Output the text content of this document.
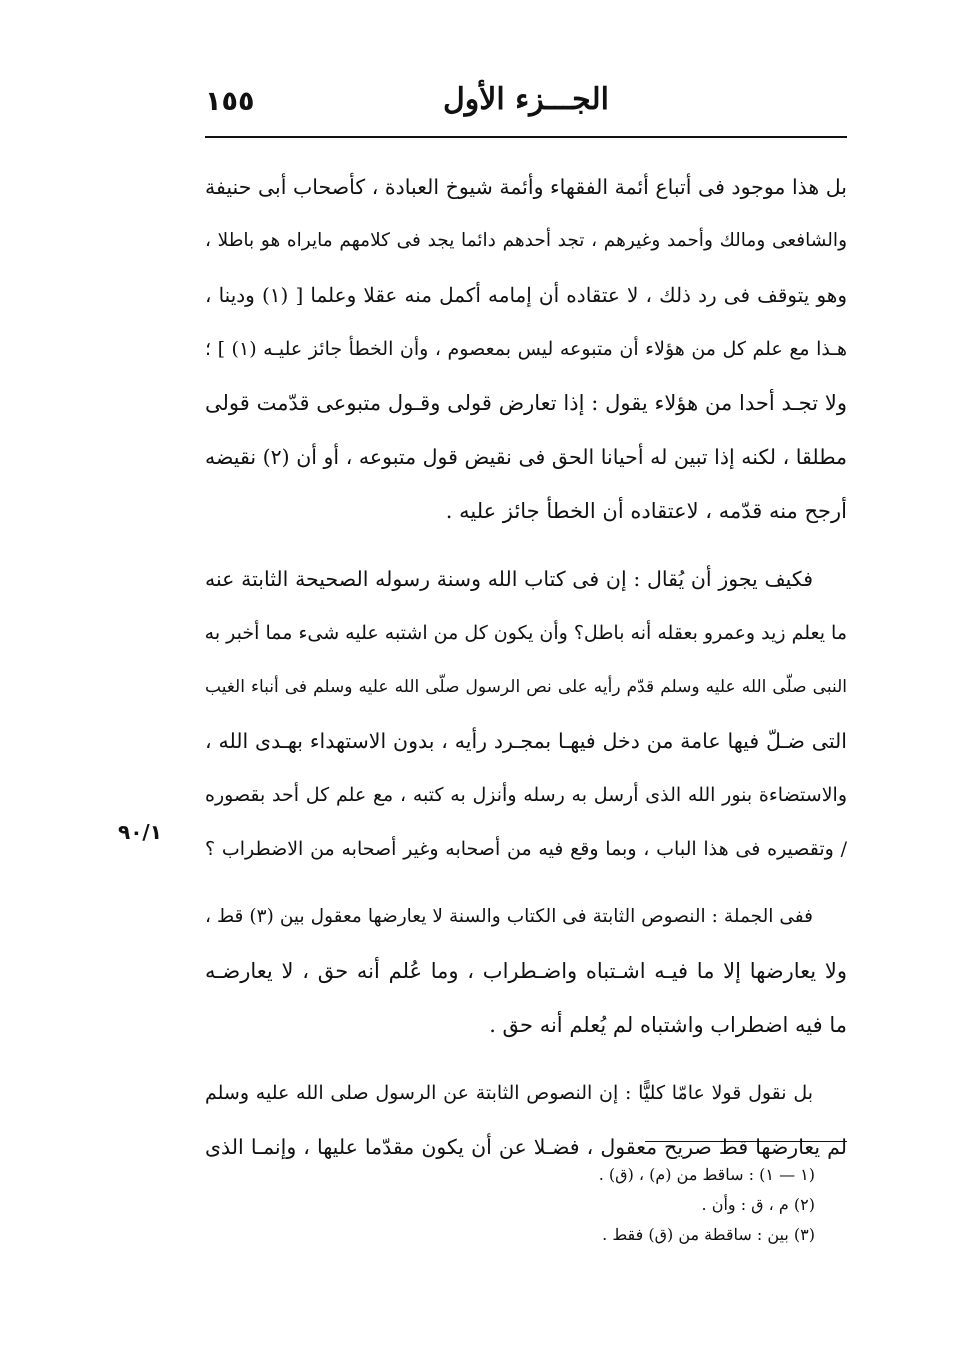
١٥٥	الجـــزء الأول
٩٠/١
بل هذا موجود فى أتباع أئمة الفقهاء وأئمة شيوخ العبادة ، كأصحاب أبى حنيفة
والشافعى ومالك وأحمد وغيرهم ، تجد أحدهم دائما يجد فى كلامهم مايراه هو باطلا ،
وهو يتوقف فى رد ذلك ، لا عتقاده أن إمامه أكمل منه عقلا وعلما [ (١) ودينا ،
هـذا مع علم كل من هؤلاء أن متبوعه ليس بمعصوم ، وأن الخطأ جائز عليـه (١) ] ؛
ولا تجـد أحدا من هؤلاء يقول : إذا تعارض قولى وقـول متبوعى قدّمت قولى
مطلقا ، لكنه إذا تبين له أحيانا الحق فى نقيض قول متبوعه ، أو أن (٢) نقيضه
أرجح منه قدّمه ، لاعتقاده أن الخطأ جائز عليه .
فكيف يجوز أن يُقال : إن فى كتاب الله وسنة رسوله الصحيحة الثابتة عنه
ما يعلم زيد وعمرو بعقله أنه باطل؟ وأن يكون كل من اشتبه عليه شىء مما أخبر به
النبى صلّى الله عليه وسلم قدّم رأيه على نص الرسول صلّى الله عليه وسلم فى أنباء الغيب
التى ضـلّ فيها عامة من دخل فيهـا بمجـرد رأيه ، بدون الاستهداء بهـدى الله ،
والاستضاءة بنور الله الذى أرسل به رسله وأنزل به كتبه ، مع علم كل أحد بقصوره
/ وتقصيره فى هذا الباب ، وبما وقع فيه من أصحابه وغير أصحابه من الاضطراب ؟
ففى الجملة : النصوص الثابتة فى الكتاب والسنة لا يعارضها معقول بين (٣) قط ،
ولا يعارضها إلا ما فيـه اشـتباه واضـطراب ، وما عُلم أنه حق ، لا يعارضـه
ما فيه اضطراب واشتباه لم يُعلم أنه حق .
بل نقول قولا عامّا كليًّا : إن النصوص الثابتة عن الرسول صلى الله عليه وسلم
لم يعارضها قط صريح معقول ، فضـلا عن أن يكون مقدّما عليها ، وإنمـا الذى
(١ — ١) : ساقط من (م) ، (ق) .
(٢) م ، ق : وأن .
(٣) بين : ساقطة من (ق) فقط .
